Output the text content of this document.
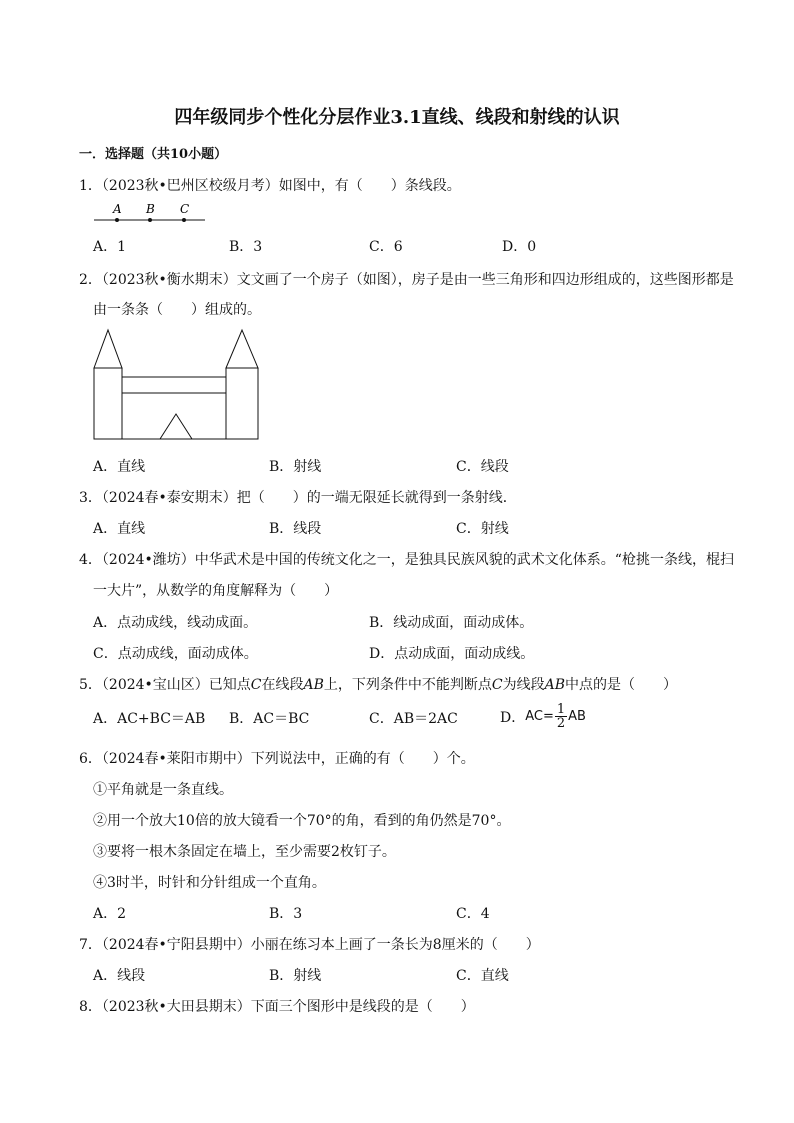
四年级同步个性化分层作业3.1直线、线段和射线的认识
一．选择题（共10小题）
1．（2023秋•巴州区校级月考）如图中，有（　　）条线段。
A B C
A．1	B．3	C．6	D．0
2．（2023秋•衡水期末）文文画了一个房子（如图），房子是由一些三角形和四边形组成的，这些图形都是
由一条条（　　）组成的。
A．直线	B．射线	C．线段
3．（2024春•泰安期末）把（　　）的一端无限延长就得到一条射线．
A．直线	B．线段	C．射线
4．（2024•潍坊）中华武术是中国的传统文化之一，是独具民族风貌的武术文化体系。“枪挑一条线，棍扫
一大片”，从数学的角度解释为（　　）
A．点动成线，线动成面。	B．线动成面，面动成体。
C．点动成线，面动成体。	D．点动成面，面动成线。
5．（2024•宝山区）已知点C在线段AB上，下列条件中不能判断点C为线段AB中点的是（　　）
A．AC+BC＝AB B．AC＝BC	C．AB＝2AC	D． $AC= \frac{1}{2}$ AB
6．（2024春•莱阳市期中）下列说法中，正确的有（　　）个。
①平角就是一条直线。
②用一个放大10倍的放大镜看一个70°的角，看到的角仍然是70°。
③要将一根木条固定在墙上，至少需要2枚钉子。
④3时半，时针和分针组成一个直角。
A．2	B．3	C．4
7．（2024春•宁阳县期中）小丽在练习本上画了一条长为8厘米的（　　）
A．线段	B．射线	C．直线
8．（2023秋•大田县期末）下面三个图形中是线段的是（　　）
